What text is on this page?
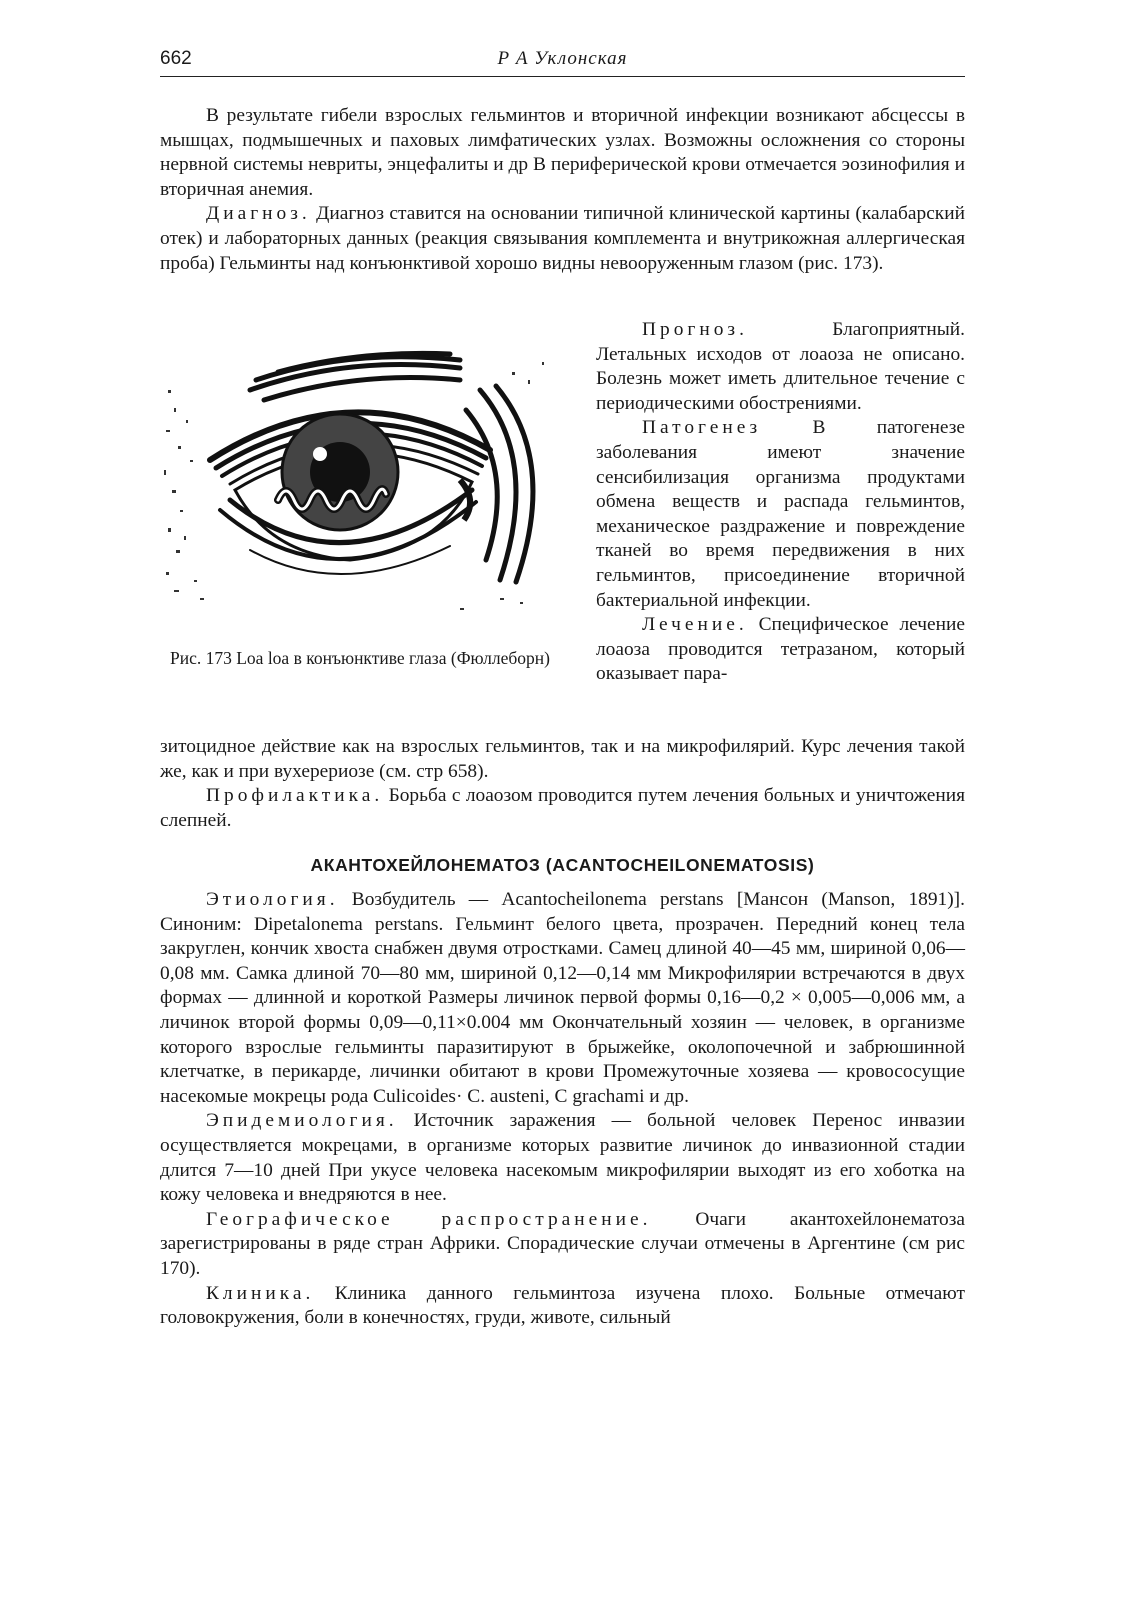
662	Р А Уклонская

В результате гибели взрослых гельминтов и вторичной инфекции возникают абсцессы в мышцах, подмышечных и паховых лимфатических узлах. Возможны осложнения со стороны нервной системы невриты, энцефалиты и др В периферической крови отмечается эозинофилия и вторичная анемия.

Диагноз. Диагноз ставится на основании типичной клинической картины (калабарский отек) и лабораторных данных (реакция связывания комплемента и внутрикожная аллергическая проба) Гельминты над конъюнктивой хорошо видны невооруженным глазом (рис. 173).

Прогноз. Благоприятный. Летальных исходов от лоаоза не описано. Болезнь может иметь длительное течение с периодическими обострениями.

Патогенез В патогенезе заболевания имеют значение сенсибилизация организма продуктами обмена веществ и распада гельминтов, механическое раздражение и повреждение тканей во время передвижения в них гельминтов, присоединение вторичной бактериальной инфекции.

Лечение. Специфическое лечение лоаоза проводится тетразаном, который оказывает пара-

Рис. 173 Loa loa в конъюнктиве глаза (Фюллеборн)

зитоцидное действие как на взрослых гельминтов, так и на микрофилярий. Курс лечения такой же, как и при вухерериозе (см. стр 658).

Профилактика. Борьба с лоаозом проводится путем лечения больных и уничтожения слепней.

АКАНТОХЕЙЛОНЕМАТОЗ (ACANTOCHEILONEMATOSIS)

Этиология. Возбудитель — Acantocheilonema perstans [Мансон (Manson, 1891)]. Синоним: Dipetalonema perstans. Гельминт белого цвета, прозрачен. Передний конец тела закруглен, кончик хвоста снабжен двумя отростками. Самец длиной 40—45 мм, шириной 0,06—0,08 мм. Самка длиной 70—80 мм, шириной 0,12—0,14 мм Микрофилярии встречаются в двух формах — длинной и короткой Размеры личинок первой формы 0,16—0,2 × 0,005—0,006 мм, а личинок второй формы 0,09—0,11×0.004 мм Окончательный хозяин — человек, в организме которого взрослые гельминты паразитируют в брыжейке, околопочечной и забрюшинной клетчатке, в перикарде, личинки обитают в крови Промежуточные хозяева — кровососущие насекомые мокрецы рода Culicoides· C. austeni, C grachami и др.

Эпидемиология. Источник заражения — больной человек Перенос инвазии осуществляется мокрецами, в организме которых развитие личинок до инвазионной стадии длится 7—10 дней При укусе человека насекомым микрофилярии выходят из его хоботка на кожу человека и внедряются в нее.

Географическое распространение. Очаги акантохейлонематоза зарегистрированы в ряде стран Африки. Спорадические случаи отмечены в Аргентине (см рис 170).

Клиника. Клиника данного гельминтоза изучена плохо. Больные отмечают головокружения, боли в конечностях, груди, животе, сильный
